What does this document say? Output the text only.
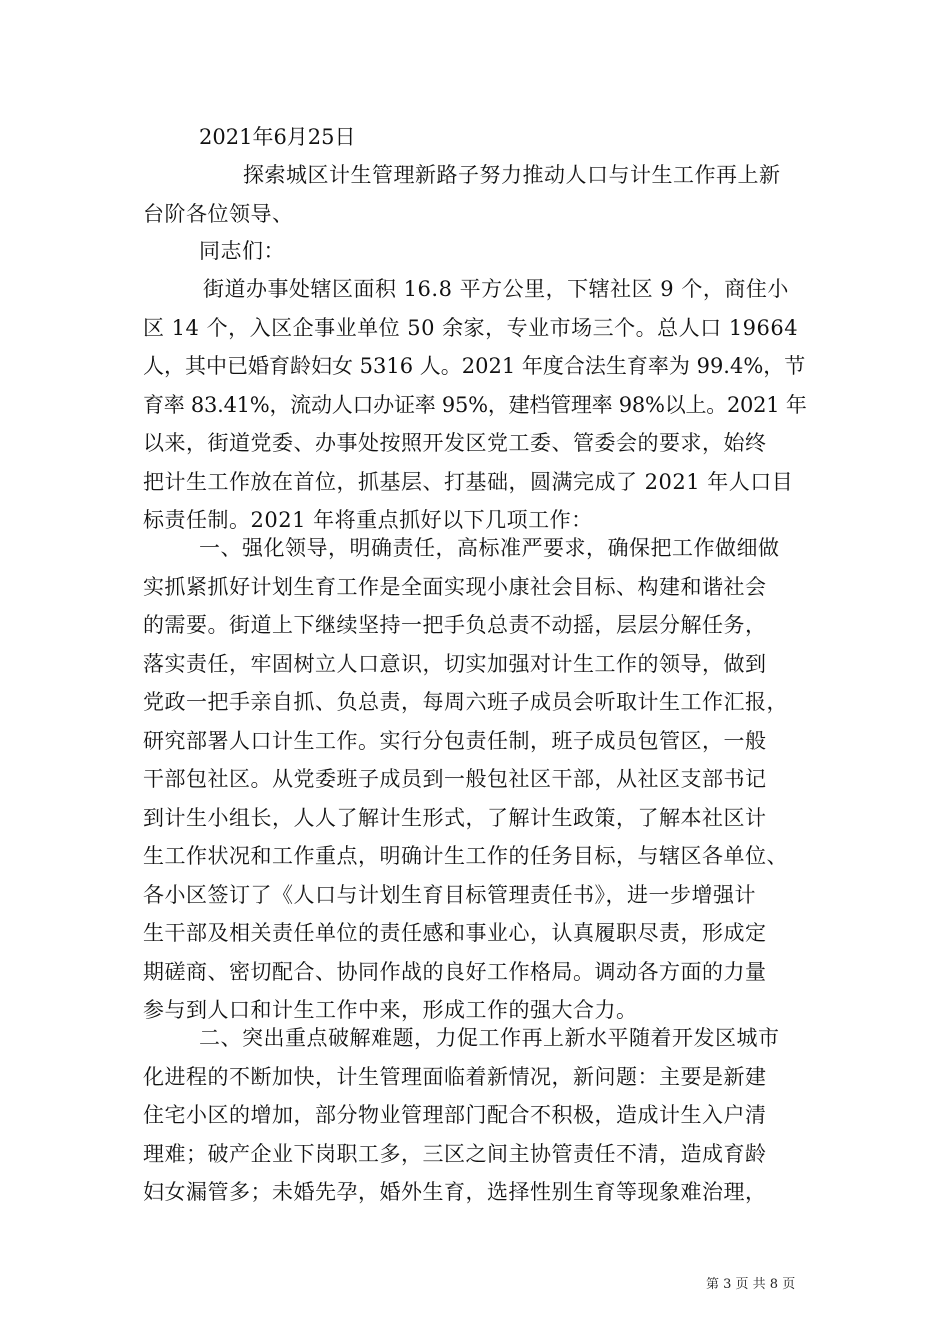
2021年6月25日
探索城区计生管理新路子努力推动人口与计生工作再上新
台阶各位领导、
同志们：
街道办事处辖区面积 16.8 平方公里，下辖社区 9 个，商住小
区 14 个，入区企事业单位 50 余家，专业市场三个。总人口 19664
人，其中已婚育龄妇女 5316 人。2021 年度合法生育率为 99.4%，节
育率 83.41%，流动人口办证率 95%，建档管理率 98%以上。2021 年
以来，街道党委、办事处按照开发区党工委、管委会的要求，始终
把计生工作放在首位，抓基层、打基础，圆满完成了 2021 年人口目
标责任制。2021 年将重点抓好以下几项工作：
一、强化领导，明确责任，高标准严要求，确保把工作做细做
实抓紧抓好计划生育工作是全面实现小康社会目标、构建和谐社会
的需要。街道上下继续坚持一把手负总责不动摇，层层分解任务，
落实责任，牢固树立人口意识，切实加强对计生工作的领导，做到
党政一把手亲自抓、负总责，每周六班子成员会听取计生工作汇报，
研究部署人口计生工作。实行分包责任制，班子成员包管区，一般
干部包社区。从党委班子成员到一般包社区干部，从社区支部书记
到计生小组长，人人了解计生形式，了解计生政策，了解本社区计
生工作状况和工作重点，明确计生工作的任务目标，与辖区各单位、
各小区签订了《人口与计划生育目标管理责任书》，进一步增强计
生干部及相关责任单位的责任感和事业心，认真履职尽责，形成定
期磋商、密切配合、协同作战的良好工作格局。调动各方面的力量
参与到人口和计生工作中来，形成工作的强大合力。
二、突出重点破解难题，力促工作再上新水平随着开发区城市
化进程的不断加快，计生管理面临着新情况，新问题：主要是新建
住宅小区的增加，部分物业管理部门配合不积极，造成计生入户清
理难；破产企业下岗职工多，三区之间主协管责任不清，造成育龄
妇女漏管多；未婚先孕，婚外生育，选择性别生育等现象难治理，
第 3 页 共 8 页
